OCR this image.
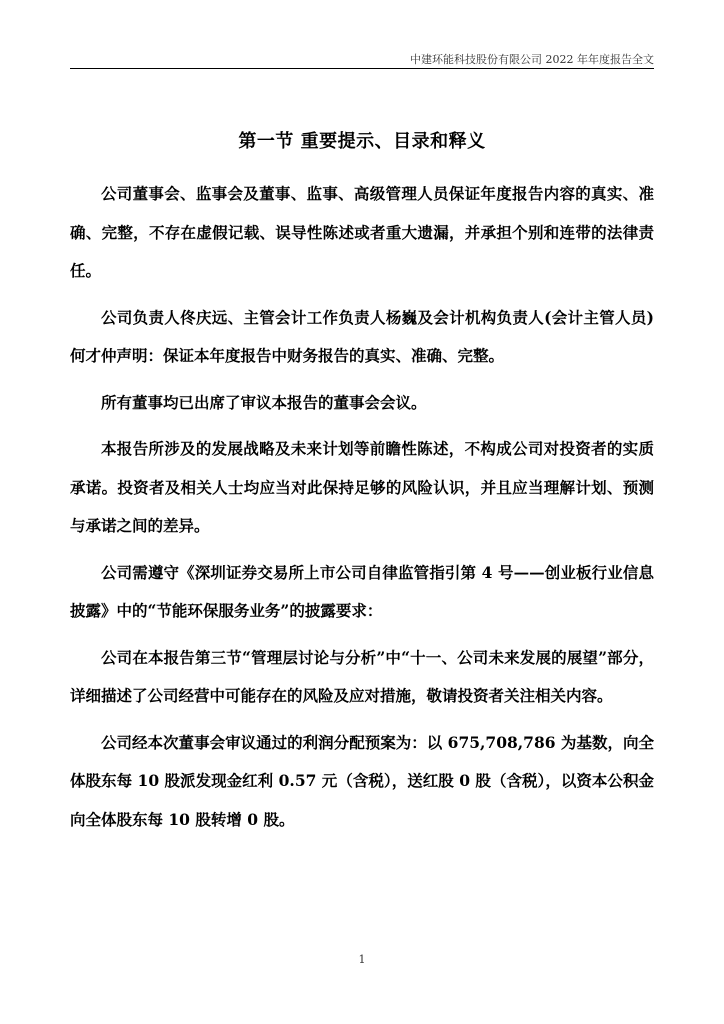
中建环能科技股份有限公司 2022 年年度报告全文
第一节 重要提示、目录和释义

公司董事会、监事会及董事、监事、高级管理人员保证年度报告内容的真实、准确、完整，不存在虚假记载、误导性陈述或者重大遗漏，并承担个别和连带的法律责任。

公司负责人佟庆远、主管会计工作负责人杨巍及会计机构负责人(会计主管人员)何才仲声明：保证本年度报告中财务报告的真实、准确、完整。

所有董事均已出席了审议本报告的董事会会议。

本报告所涉及的发展战略及未来计划等前瞻性陈述，不构成公司对投资者的实质承诺。投资者及相关人士均应当对此保持足够的风险认识，并且应当理解计划、预测与承诺之间的差异。

公司需遵守《深圳证券交易所上市公司自律监管指引第 4 号——创业板行业信息披露》中的“节能环保服务业务”的披露要求：

公司在本报告第三节“管理层讨论与分析”中“十一、公司未来发展的展望”部分，详细描述了公司经营中可能存在的风险及应对措施，敬请投资者关注相关内容。

公司经本次董事会审议通过的利润分配预案为：以 675,708,786 为基数，向全体股东每 10 股派发现金红利 0.57 元（含税），送红股 0 股（含税），以资本公积金向全体股东每 10 股转增 0 股。

1
